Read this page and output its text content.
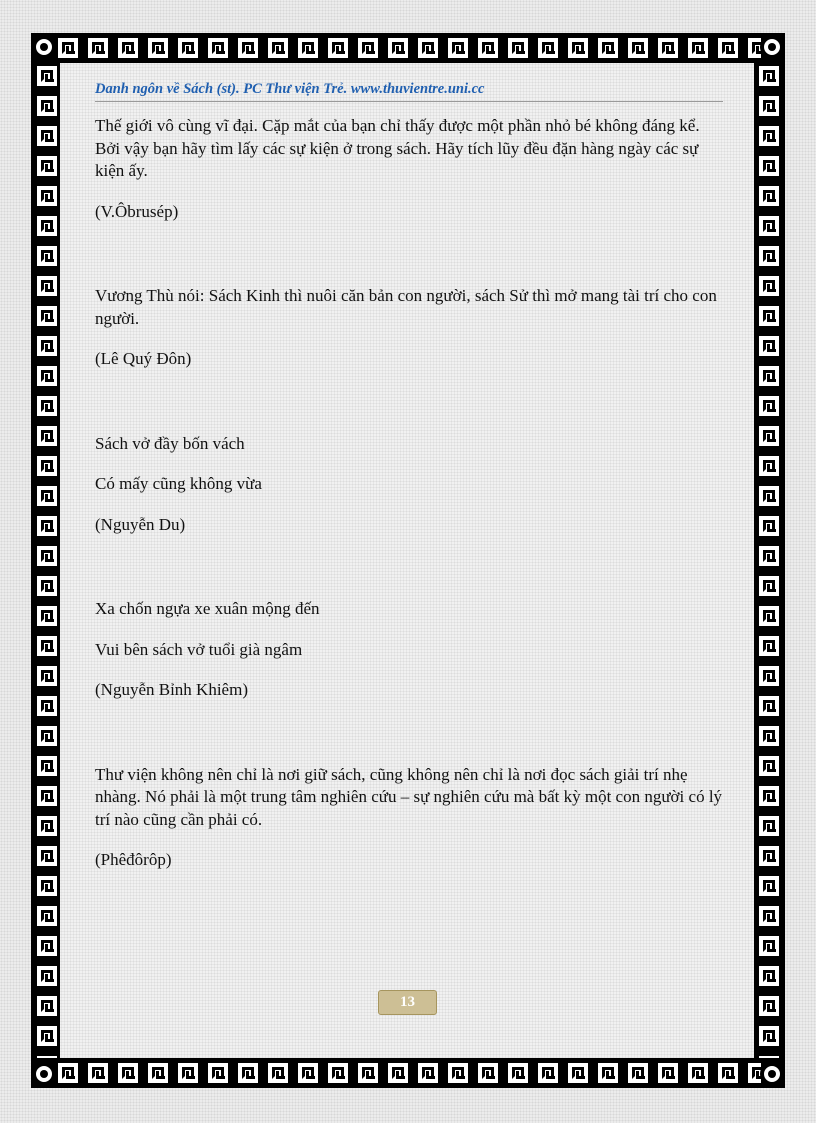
Danh ngôn về Sách (st). PC Thư viện Trẻ. www.thuvientre.uni.cc

Thế giới vô cùng vĩ đại. Cặp mắt của bạn chỉ thấy được một phần nhỏ bé không đáng kể. Bởi vậy bạn hãy tìm lấy các sự kiện ở trong sách. Hãy tích lũy đều đặn hàng ngày các sự kiện ấy.

(V.Ôbrusép)

Vương Thù nói: Sách Kinh thì nuôi căn bản con người, sách Sử thì mở mang tài trí cho con người.

(Lê Quý Đôn)

Sách vở đầy bốn vách

Có mấy cũng không vừa

(Nguyễn Du)

Xa chốn ngựa xe xuân mộng đến

Vui bên sách vở tuổi già ngâm

(Nguyễn Bỉnh Khiêm)

Thư viện không nên chỉ là nơi giữ sách, cũng không nên chỉ là nơi đọc sách giải trí nhẹ nhàng. Nó phải là một trung tâm nghiên cứu – sự nghiên cứu mà bất kỳ một con người có lý trí nào cũng cần phải có.

(Phêđôrôp)

13
